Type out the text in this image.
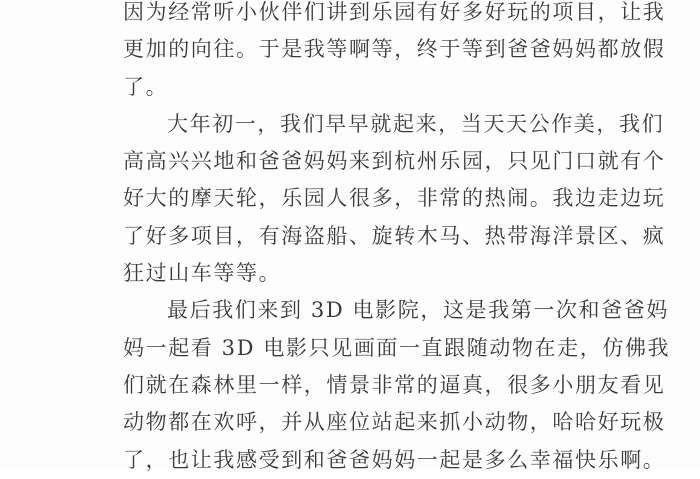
因为经常听小伙伴们讲到乐园有好多好玩的项目，让我
更加的向往。于是我等啊等，终于等到爸爸妈妈都放假
了。
大年初一，我们早早就起来，当天天公作美，我们
高高兴兴地和爸爸妈妈来到杭州乐园，只见门口就有个
好大的摩天轮，乐园人很多，非常的热闹。我边走边玩
了好多项目，有海盗船、旋转木马、热带海洋景区、疯
狂过山车等等。
最后我们来到 3D 电影院，这是我第一次和爸爸妈
妈一起看 3D 电影只见画面一直跟随动物在走，仿佛我
们就在森林里一样，情景非常的逼真，很多小朋友看见
动物都在欢呼，并从座位站起来抓小动物，哈哈好玩极
了，也让我感受到和爸爸妈妈一起是多么幸福快乐啊。
